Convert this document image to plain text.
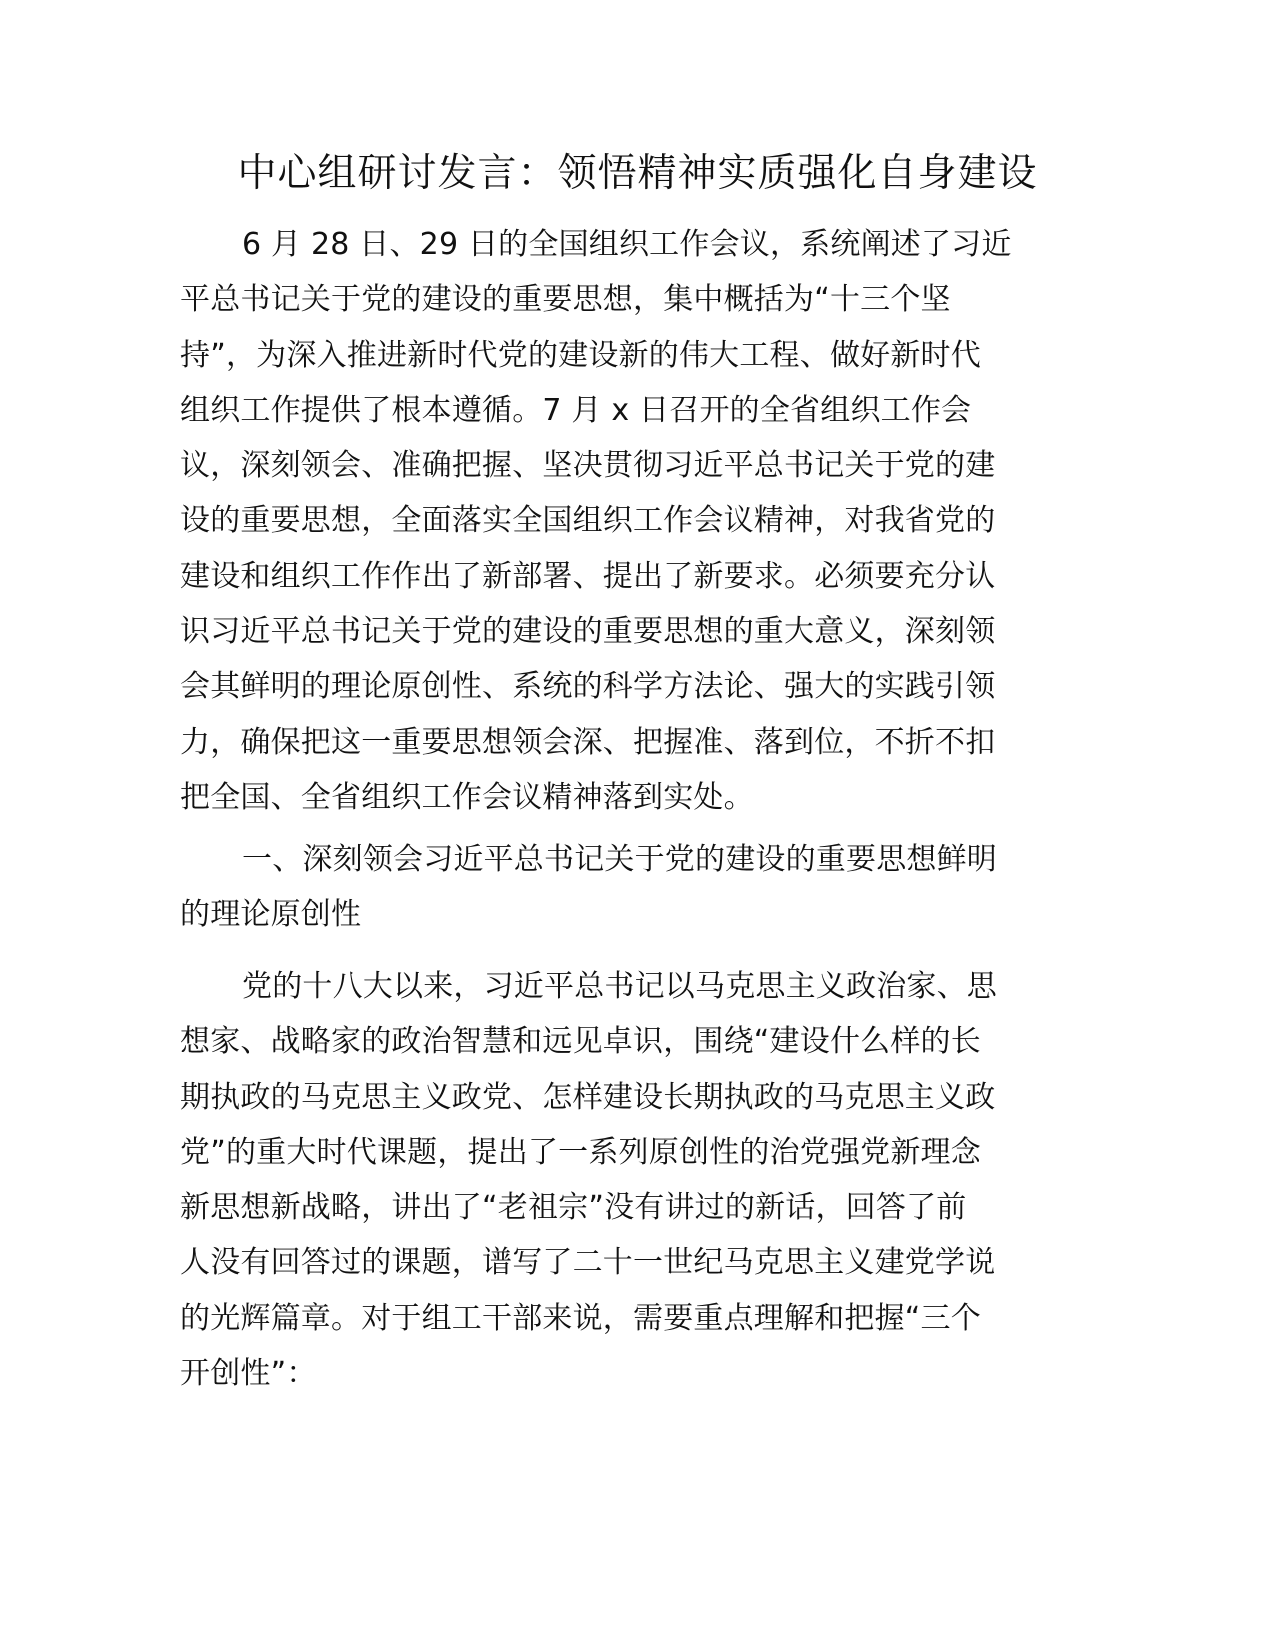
中心组研讨发言：领悟精神实质强化自身建设
6 月 28 日、29 日的全国组织工作会议，系统阐述了习近
平总书记关于党的建设的重要思想，集中概括为“十三个坚
持”，为深入推进新时代党的建设新的伟大工程、做好新时代
组织工作提供了根本遵循。7 月 x 日召开的全省组织工作会
议，深刻领会、准确把握、坚决贯彻习近平总书记关于党的建
设的重要思想，全面落实全国组织工作会议精神，对我省党的
建设和组织工作作出了新部署、提出了新要求。必须要充分认
识习近平总书记关于党的建设的重要思想的重大意义，深刻领
会其鲜明的理论原创性、系统的科学方法论、强大的实践引领
力，确保把这一重要思想领会深、把握准、落到位，不折不扣
把全国、全省组织工作会议精神落到实处。
一、深刻领会习近平总书记关于党的建设的重要思想鲜明
的理论原创性
党的十八大以来，习近平总书记以马克思主义政治家、思
想家、战略家的政治智慧和远见卓识，围绕“建设什么样的长
期执政的马克思主义政党、怎样建设长期执政的马克思主义政
党”的重大时代课题，提出了一系列原创性的治党强党新理念
新思想新战略，讲出了“老祖宗”没有讲过的新话，回答了前
人没有回答过的课题，谱写了二十一世纪马克思主义建党学说
的光辉篇章。对于组工干部来说，需要重点理解和把握“三个
开创性”：
